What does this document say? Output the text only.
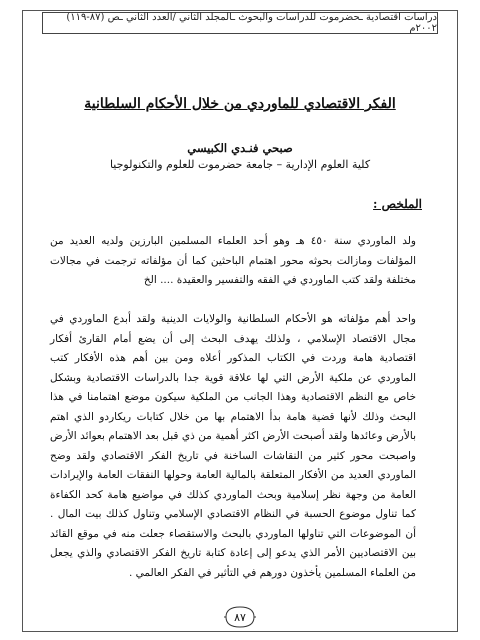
دراسات اقتصادية ـحضرموت للدراسات والبحوث ـالمجلد الثاني /العدد الثاني ـص (٨٧-١١٩) ٢٠٠٢م
الفكر الاقتصادي للماوردي من خلال الأحكام السلطانية
صبحي فنـدي الكبيسي
كلية العلوم الإدارية – جامعة حضرموت للعلوم والتكنولوجيا
الملخص :
ولد الماوردي سنة ٤٥٠ هـ وهو أحد العلماء المسلمين البارزين ولديه العديد من المؤلفات ومازالت بحوثه محور اهتمام الباحثين كما أن مؤلفاته ترجمت في مجالات مختلفة ولقد كتب الماوردي في الفقه والتفسير والعقيدة .... الخ
واحد أهم مؤلفاته هو الأحكام السلطانية والولايات الدينية ولقد أبدع الماوردي في مجال الاقتصاد الإسلامي ، ولذلك يهدف البحث إلى أن يضع أمام القارئ أفكار اقتصادية هامة وردت في الكتاب المذكور أعلاه ومن بين أهم هذه الأفكار كتب الماوردي عن ملكية الأرض التي لها علاقة قوية جدا بالدراسات الاقتصادية وبشكل خاص مع النظم الاقتصادية وهذا الجانب من الملكية سيكون موضع اهتمامنا في هذا البحث وذلك لأنها قضية هامة بدأ الاهتمام بها من خلال كتابات ريكاردو الذي اهتم بالأرض وعائدها ولقد أصبحت الأرض اكثر أهمية من ذي قبل بعد الاهتمام بعوائد الأرض واصبحت محور كثير من النقاشات الساخنة في تاريخ الفكر الاقتصادي ولقد وضح الماوردي العديد من الأفكار المتعلقة بالمالية العامة وحولها النفقات العامة والإيرادات العامة من وجهة نظر إسلامية وبحث الماوردي كذلك في مواضيع هامة كحد الكفاءة كما تناول موضوع الحسبة في النظام الاقتصادي الإسلامي وتناول كذلك بيت المال . أن الموضوعات التي تناولها الماوردي بالبحث والاستقصاء جعلت منه في موقع القائد بين الاقتصاديين الأمر الذي يدعو إلى إعادة كتابة تاريخ الفكر الاقتصادي والذي يجعل من العلماء المسلمين يأخذون دورهم في التأثير في الفكر العالمي .
٨٧
